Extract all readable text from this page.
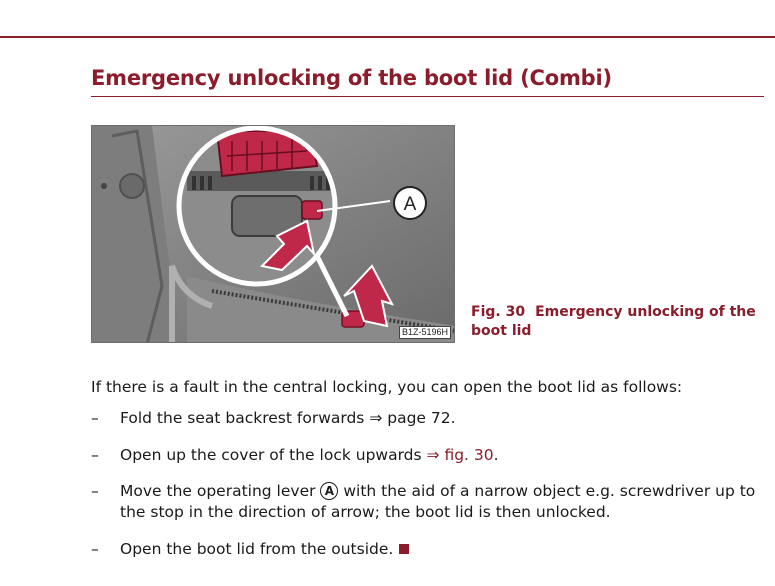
Emergency unlocking of the boot lid (Combi)
A
B1Z-5196H
Fig. 30 Emergency unlocking of the boot lid
If there is a fault in the central locking, you can open the boot lid as follows:
– Fold the seat backrest forwards ⇒ page 72.
– Open up the cover of the lock upwards ⇒ fig. 30.
– Move the operating lever A with the aid of a narrow object e.g. screwdriver up to the stop in the direction of arrow; the boot lid is then unlocked.
– Open the boot lid from the outside.
